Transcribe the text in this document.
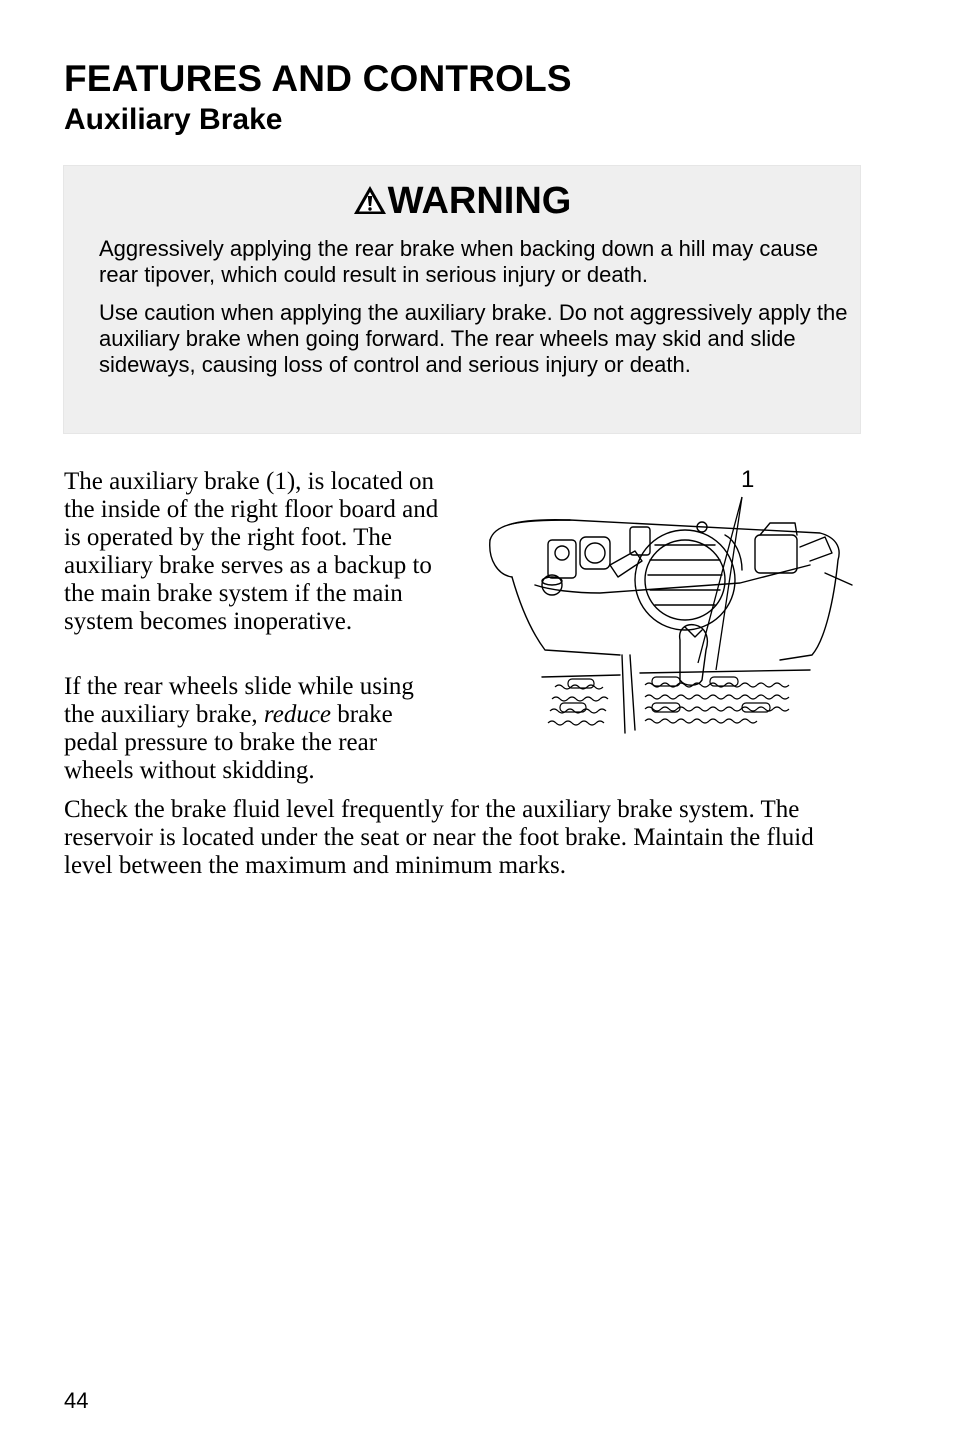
FEATURES AND CONTROLS
Auxiliary Brake
WARNING

Aggressively applying the rear brake when backing down a hill may cause rear tipover, which could result in serious injury or death.

Use caution when applying the auxiliary brake. Do not aggressively apply the auxiliary brake when going forward. The rear wheels may skid and slide sideways, causing loss of control and serious injury or death.

The auxiliary brake (1), is located on the inside of the right floor board and is operated by the right foot. The auxiliary brake serves as a backup to the main brake system if the main system becomes inoperative.

If the rear wheels slide while using the auxiliary brake, reduce brake pedal pressure to brake the rear wheels without skidding.

Check the brake fluid level frequently for the auxiliary brake system. The reservoir is located under the seat or near the foot brake. Maintain the fluid level between the maximum and minimum marks.

1
44
